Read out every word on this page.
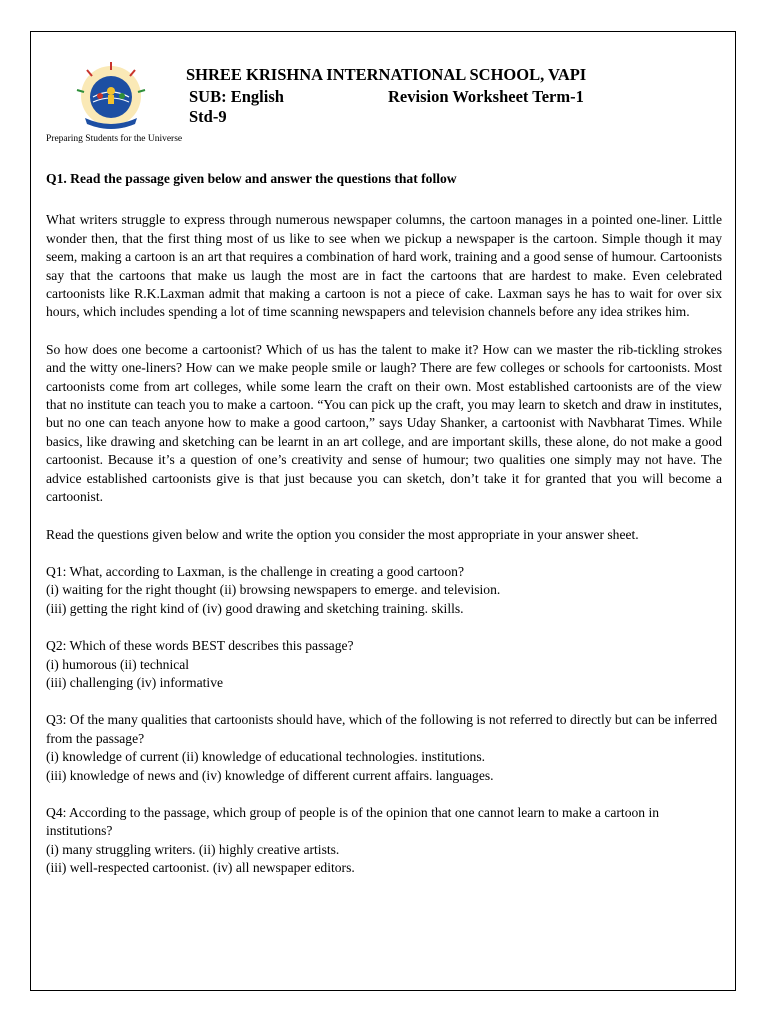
Preparing Students for the Universe
SHREE KRISHNA INTERNATIONAL SCHOOL, VAPI
SUB: English	Revision Worksheet Term-1
Std-9

Q1. Read the passage given below and answer the questions that follow

What writers struggle to express through numerous newspaper columns, the cartoon manages in a pointed one-liner. Little wonder then, that the first thing most of us like to see when we pickup a newspaper is the cartoon. Simple though it may seem, making a cartoon is an art that requires a combination of hard work, training and a good sense of humour. Cartoonists say that the cartoons that make us laugh the most are in fact the cartoons that are hardest to make. Even celebrated cartoonists like R.K.Laxman admit that making a cartoon is not a piece of cake. Laxman says he has to wait for over six hours, which includes spending a lot of time scanning newspapers and television channels before any idea strikes him.

So how does one become a cartoonist? Which of us has the talent to make it? How can we master the rib-tickling strokes and the witty one-liners? How can we make people smile or laugh? There are few colleges or schools for cartoonists. Most cartoonists come from art colleges, while some learn the craft on their own. Most established cartoonists are of the view that no institute can teach you to make a cartoon. “You can pick up the craft, you may learn to sketch and draw in institutes, but no one can teach anyone how to make a good cartoon,” says Uday Shanker, a cartoonist with Navbharat Times. While basics, like drawing and sketching can be learnt in an art college, and are important skills, these alone, do not make a good cartoonist. Because it’s a question of one’s creativity and sense of humour; two qualities one simply may not have. The advice established cartoonists give is that just because you can sketch, don’t take it for granted that you will become a cartoonist.

Read the questions given below and write the option you consider the most appropriate in your answer sheet.

Q1: What, according to Laxman, is the challenge in creating a good cartoon?
(i) waiting for the right thought (ii) browsing newspapers to emerge. and television.
(iii) getting the right kind of (iv) good drawing and sketching training. skills.
Q2: Which of these words BEST describes this passage?
(i) humorous (ii) technical
(iii) challenging (iv) informative
Q3: Of the many qualities that cartoonists should have, which of the following is not referred to directly but can be inferred from the passage?
(i) knowledge of current (ii) knowledge of educational technologies. institutions.
(iii) knowledge of news and (iv) knowledge of different current affairs. languages.
Q4: According to the passage, which group of people is of the opinion that one cannot learn to make a cartoon in institutions?
(i) many struggling writers. (ii) highly creative artists.
(iii) well-respected cartoonist. (iv) all newspaper editors.
